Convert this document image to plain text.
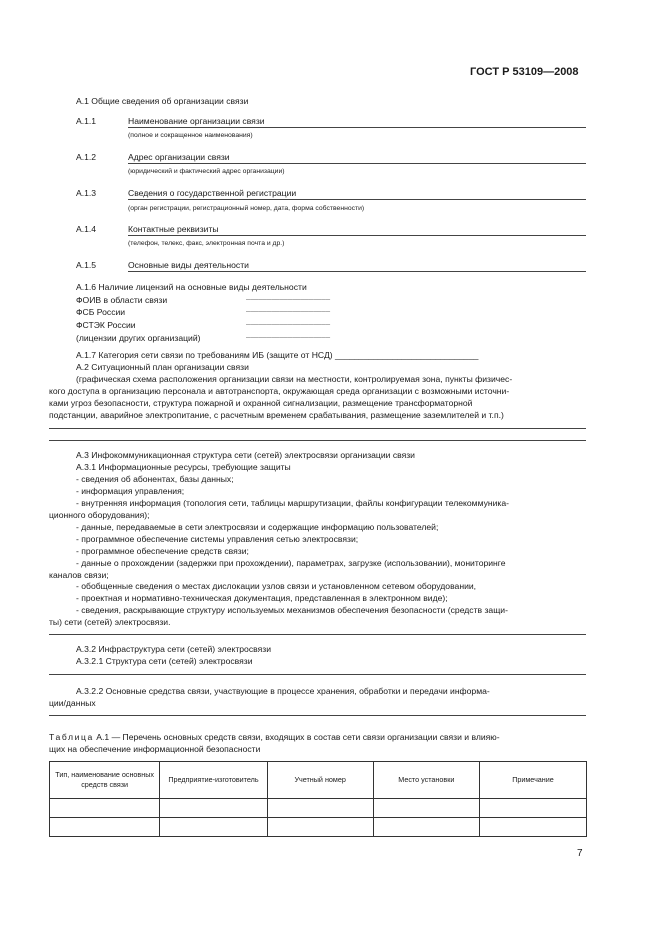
ГОСТ Р 53109—2008
А.1 Общие сведения об организации связи
А.1.1	Наименование организации связи
(полное и сокращенное наименования)
А.1.2	Адрес организации связи
(юридический и фактический адрес организации)
А.1.3	Сведения о государственной регистрации
(орган регистрации, регистрационный номер, дата, форма собственности)
А.1.4	Контактные реквизиты
(телефон, телекс, факс, электронная почта и др.)
А.1.5	Основные виды деятельности
А.1.6 Наличие лицензий на основные виды деятельности
ФОИВ в области связи	____________________
ФСБ России	____________________
ФСТЭК России	____________________
(лицензии других организаций)	____________________
А.1.7 Категория сети связи по требованиям ИБ (защите от НСД) ______________________________
А.2 Ситуационный план организации связи
(графическая схема расположения организации связи на местности, контролируемая зона, пункты физичес-
кого доступа в организацию персонала и автотранспорта, окружающая среда организации с возможными источни-
ками угроз безопасности, структура пожарной и охранной сигнализации, размещение трансформаторной
подстанции, аварийное электропитание, с расчетным временем срабатывания, размещение заземлителей и т.п.)
А.3 Инфокоммуникационная структура сети (сетей) электросвязи организации связи
А.3.1 Информационные ресурсы, требующие защиты
- сведения об абонентах, базы данных;
- информация управления;
- внутренняя информация (топология сети, таблицы маршрутизации, файлы конфигурации телекоммуника-
ционного оборудования);
- данные, передаваемые в сети электросвязи и содержащие информацию пользователей;
- программное обеспечение системы управления сетью электросвязи;
- программное обеспечение средств связи;
- данные о прохождении (задержки при прохождении), параметрах, загрузке (использовании), мониторинге
каналов связи;
- обобщенные сведения о местах дислокации узлов связи и установленном сетевом оборудовании,
- проектная и нормативно-техническая документация, представленная в электронном виде);
- сведения, раскрывающие структуру используемых механизмов обеспечения безопасности (средств защи-
ты) сети (сетей) электросвязи.
А.3.2 Инфраструктура сети (сетей) электросвязи
А.3.2.1 Структура сети (сетей) электросвязи
А.3.2.2 Основные средства связи, участвующие в процессе хранения, обработки и передачи информа-
ции/данных
Таблица А.1 — Перечень основных средств связи, входящих в состав сети связи организации связи и влияю-
щих на обеспечение информационной безопасности
Тип, наименование основных средств связи	Предприятие-изготовитель	Учетный номер	Место установки	Примечание

7
